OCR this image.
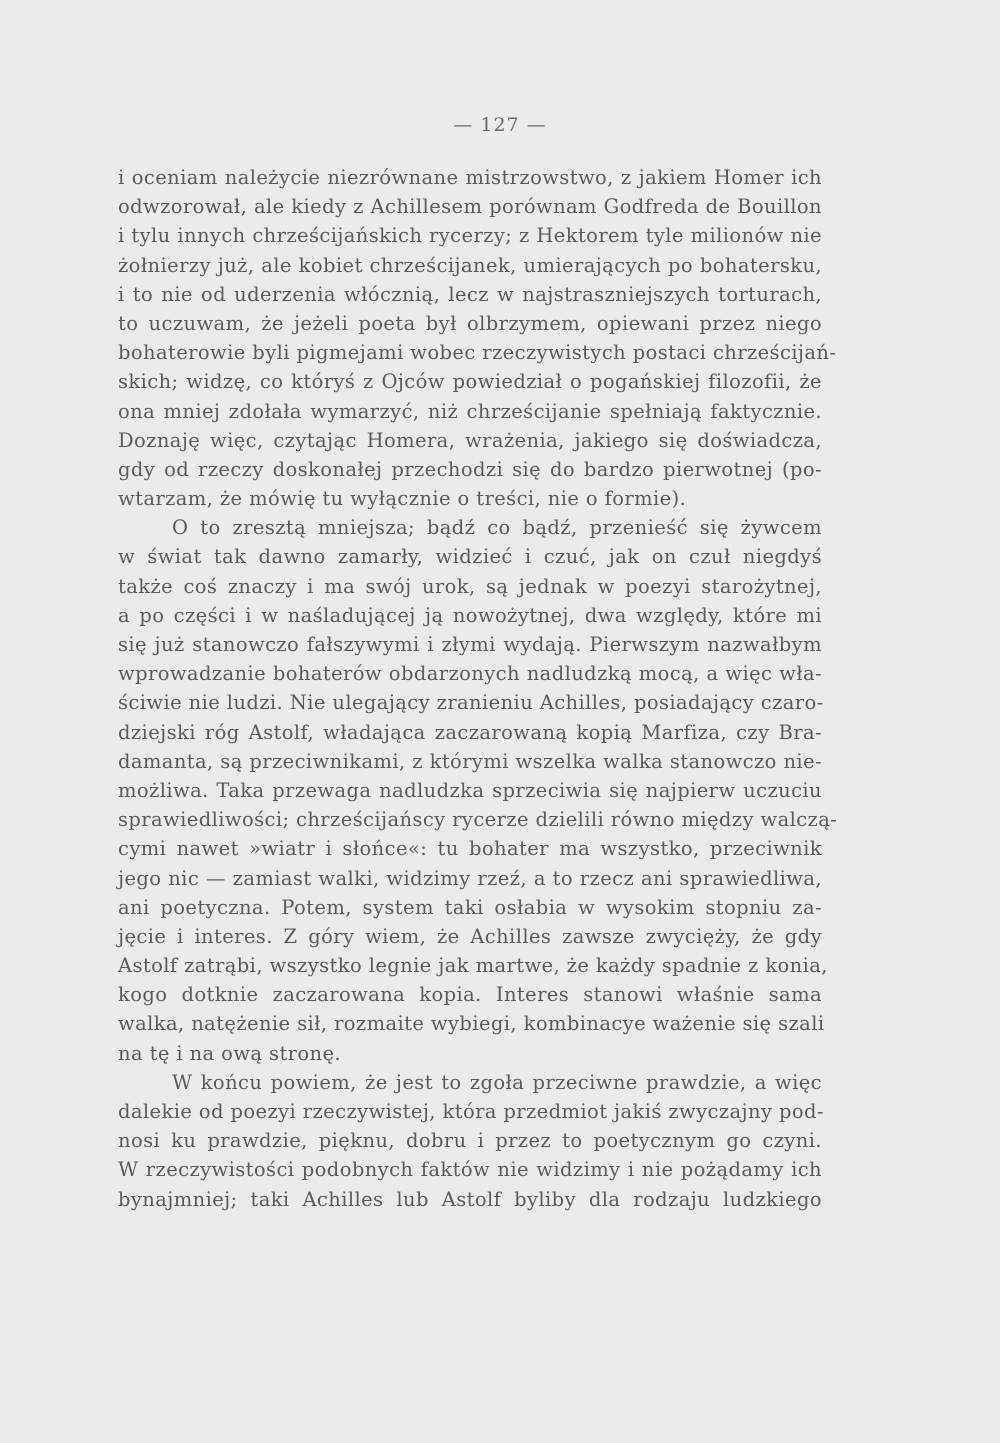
— 127 —
i oceniam należycie niezrównane mistrzowstwo, z jakiem Homer ich
odwzorował, ale kiedy z Achillesem porównam Godfreda de Bouillon
i tylu innych chrześcijańskich rycerzy; z Hektorem tyle milionów nie
żołnierzy już, ale kobiet chrześcijanek, umierających po bohatersku,
i to nie od uderzenia włócznią, lecz w najstraszniejszych torturach,
to uczuwam, że jeżeli poeta był olbrzymem, opiewani przez niego
bohaterowie byli pigmejami wobec rzeczywistych postaci chrześcijań-
skich; widzę, co któryś z Ojców powiedział o pogańskiej filozofii, że
ona mniej zdołała wymarzyć, niż chrześcijanie spełniają faktycznie.
Doznaję więc, czytając Homera, wrażenia, jakiego się doświadcza,
gdy od rzeczy doskonałej przechodzi się do bardzo pierwotnej (po-
wtarzam, że mówię tu wyłącznie o treści, nie o formie).
O to zresztą mniejsza; bądź co bądź, przenieść się żywcem
w świat tak dawno zamarły, widzieć i czuć, jak on czuł niegdyś
także coś znaczy i ma swój urok, są jednak w poezyi starożytnej,
a po części i w naśladującej ją nowożytnej, dwa względy, które mi
się już stanowczo fałszywymi i złymi wydają. Pierwszym nazwałbym
wprowadzanie bohaterów obdarzonych nadludzką mocą, a więc wła-
ściwie nie ludzi. Nie ulegający zranieniu Achilles, posiadający czaro-
dziejski róg Astolf, władająca zaczarowaną kopią Marfiza, czy Bra-
damanta, są przeciwnikami, z którymi wszelka walka stanowczo nie-
możliwa. Taka przewaga nadludzka sprzeciwia się najpierw uczuciu
sprawiedliwości; chrześcijańscy rycerze dzielili równo między walczą-
cymi nawet »wiatr i słońce«: tu bohater ma wszystko, przeciwnik
jego nic — zamiast walki, widzimy rzeź, a to rzecz ani sprawiedliwa,
ani poetyczna. Potem, system taki osłabia w wysokim stopniu za-
jęcie i interes. Z góry wiem, że Achilles zawsze zwycięży, że gdy
Astolf zatrąbi, wszystko legnie jak martwe, że każdy spadnie z konia,
kogo dotknie zaczarowana kopia. Interes stanowi właśnie sama
walka, natężenie sił, rozmaite wybiegi, kombinacye ważenie się szali
na tę i na ową stronę.
W końcu powiem, że jest to zgoła przeciwne prawdzie, a więc
dalekie od poezyi rzeczywistej, która przedmiot jakiś zwyczajny pod-
nosi ku prawdzie, pięknu, dobru i przez to poetycznym go czyni.
W rzeczywistości podobnych faktów nie widzimy i nie pożądamy ich
bynajmniej; taki Achilles lub Astolf byliby dla rodzaju ludzkiego
